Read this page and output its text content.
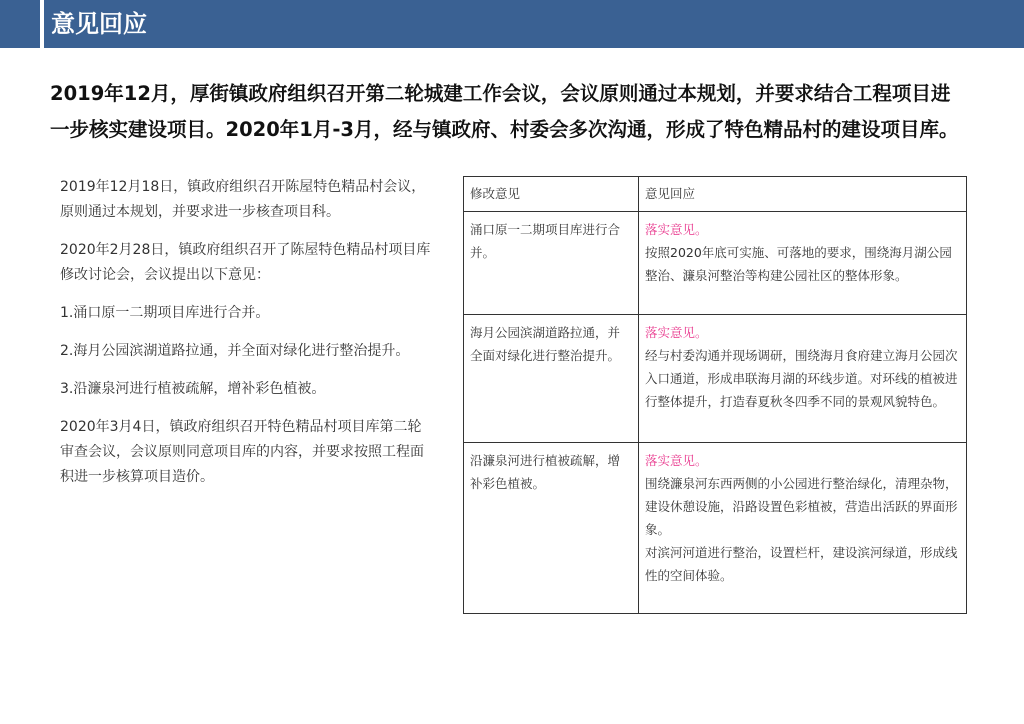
意见回应
2019年12月，厚街镇政府组织召开第二轮城建工作会议，会议原则通过本规划，并要求结合工程项目进
一步核实建设项目。2020年1月-3月，经与镇政府、村委会多次沟通，形成了特色精品村的建设项目库。

2019年12月18日，镇政府组织召开陈屋特色精品村会议，原则通过本规划，并要求进一步核查项目科。

2020年2月28日，镇政府组织召开了陈屋特色精品村项目库修改讨论会，会议提出以下意见：

1.涌口原一二期项目库进行合并。

2.海月公园滨湖道路拉通，并全面对绿化进行整治提升。

3.沿濂泉河进行植被疏解，增补彩色植被。

2020年3月4日，镇政府组织召开特色精品村项目库第二轮审查会议，会议原则同意项目库的内容，并要求按照工程面积进一步核算项目造价。

修改意见	意见回应
涌口原一二期项目库进行合并。	落实意见。
按照2020年底可实施、可落地的要求，围绕海月湖公园整治、濂泉河整治等构建公园社区的整体形象。

海月公园滨湖道路拉通，并全面对绿化进行整治提升。	落实意见。
经与村委沟通并现场调研，围绕海月食府建立海月公园次入口通道，形成串联海月湖的环线步道。对环线的植被进行整体提升，打造春夏秋冬四季不同的景观风貌特色。

沿濂泉河进行植被疏解，增补彩色植被。	落实意见。
围绕濂泉河东西两侧的小公园进行整治绿化，清理杂物，建设休憩设施，沿路设置色彩植被，营造出活跃的界面形象。
对滨河河道进行整治，设置栏杆，建设滨河绿道，形成线性的空间体验。
